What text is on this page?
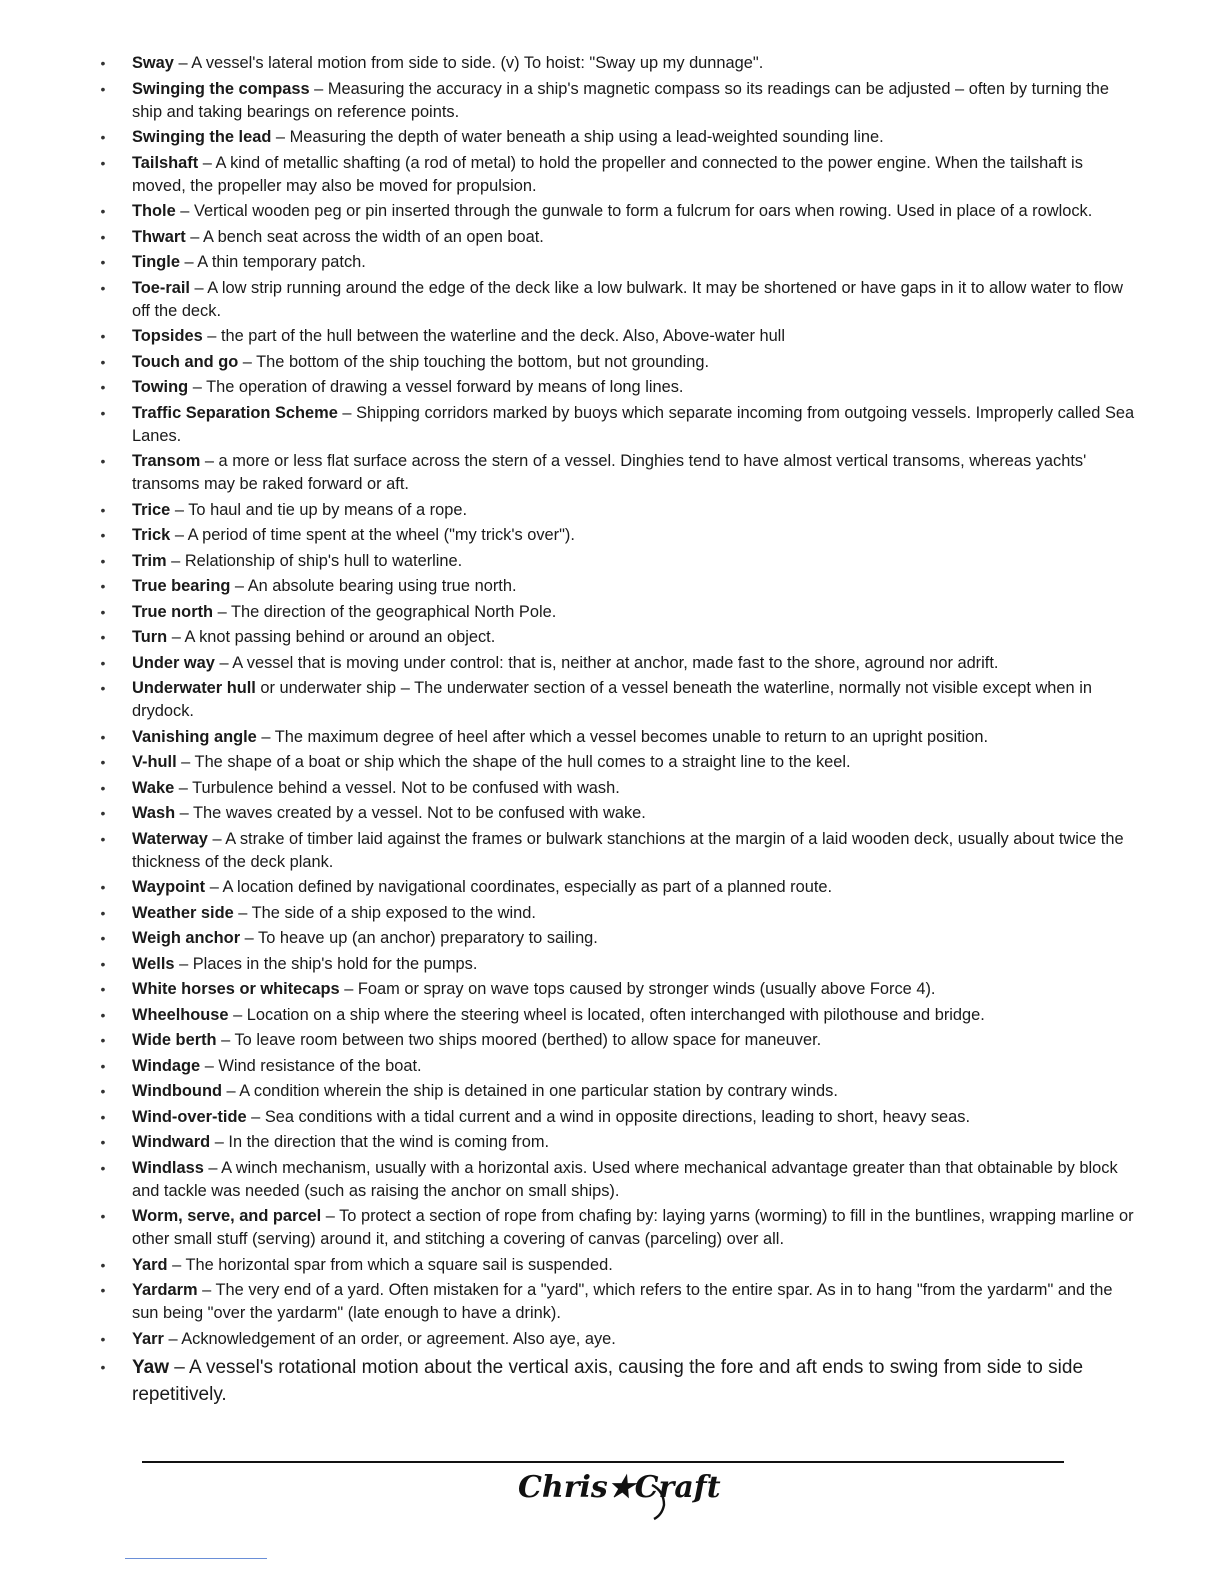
• Sway – A vessel's lateral motion from side to side. (v) To hoist: "Sway up my dunnage".
• Swinging the compass – Measuring the accuracy in a ship's magnetic compass so its readings can be adjusted – often by turning the ship and taking bearings on reference points.
• Swinging the lead – Measuring the depth of water beneath a ship using a lead-weighted sounding line.
• Tailshaft – A kind of metallic shafting (a rod of metal) to hold the propeller and connected to the power engine. When the tailshaft is moved, the propeller may also be moved for propulsion.
• Thole – Vertical wooden peg or pin inserted through the gunwale to form a fulcrum for oars when rowing. Used in place of a rowlock.
• Thwart – A bench seat across the width of an open boat.
• Tingle – A thin temporary patch.
• Toe-rail – A low strip running around the edge of the deck like a low bulwark. It may be shortened or have gaps in it to allow water to flow off the deck.
• Topsides – the part of the hull between the waterline and the deck. Also, Above-water hull
• Touch and go – The bottom of the ship touching the bottom, but not grounding.
• Towing – The operation of drawing a vessel forward by means of long lines.
• Traffic Separation Scheme – Shipping corridors marked by buoys which separate incoming from outgoing vessels. Improperly called Sea Lanes.
• Transom – a more or less flat surface across the stern of a vessel. Dinghies tend to have almost vertical transoms, whereas yachts' transoms may be raked forward or aft.
• Trice – To haul and tie up by means of a rope.
• Trick – A period of time spent at the wheel ("my trick's over").
• Trim – Relationship of ship's hull to waterline.
• True bearing – An absolute bearing using true north.
• True north – The direction of the geographical North Pole.
• Turn – A knot passing behind or around an object.
• Under way – A vessel that is moving under control: that is, neither at anchor, made fast to the shore, aground nor adrift.
• Underwater hull or underwater ship – The underwater section of a vessel beneath the waterline, normally not visible except when in drydock.
• Vanishing angle – The maximum degree of heel after which a vessel becomes unable to return to an upright position.
• V-hull – The shape of a boat or ship which the shape of the hull comes to a straight line to the keel.
• Wake – Turbulence behind a vessel. Not to be confused with wash.
• Wash – The waves created by a vessel. Not to be confused with wake.
• Waterway – A strake of timber laid against the frames or bulwark stanchions at the margin of a laid wooden deck, usually about twice the thickness of the deck plank.
• Waypoint – A location defined by navigational coordinates, especially as part of a planned route.
• Weather side – The side of a ship exposed to the wind.
• Weigh anchor – To heave up (an anchor) preparatory to sailing.
• Wells – Places in the ship's hold for the pumps.
• White horses or whitecaps – Foam or spray on wave tops caused by stronger winds (usually above Force 4).
• Wheelhouse – Location on a ship where the steering wheel is located, often interchanged with pilothouse and bridge.
• Wide berth – To leave room between two ships moored (berthed) to allow space for maneuver.
• Windage – Wind resistance of the boat.
• Windbound – A condition wherein the ship is detained in one particular station by contrary winds.
• Wind-over-tide – Sea conditions with a tidal current and a wind in opposite directions, leading to short, heavy seas.
• Windward – In the direction that the wind is coming from.
• Windlass – A winch mechanism, usually with a horizontal axis. Used where mechanical advantage greater than that obtainable by block and tackle was needed (such as raising the anchor on small ships).
• Worm, serve, and parcel – To protect a section of rope from chafing by: laying yarns (worming) to fill in the buntlines, wrapping marline or other small stuff (serving) around it, and stitching a covering of canvas (parceling) over all.
• Yard – The horizontal spar from which a square sail is suspended.
• Yardarm – The very end of a yard. Often mistaken for a "yard", which refers to the entire spar. As in to hang "from the yardarm" and the sun being "over the yardarm" (late enough to have a drink).
• Yarr – Acknowledgement of an order, or agreement. Also aye, aye.
• Yaw – A vessel's rotational motion about the vertical axis, causing the fore and aft ends to swing from side to side repetitively.
Chris★Craft
